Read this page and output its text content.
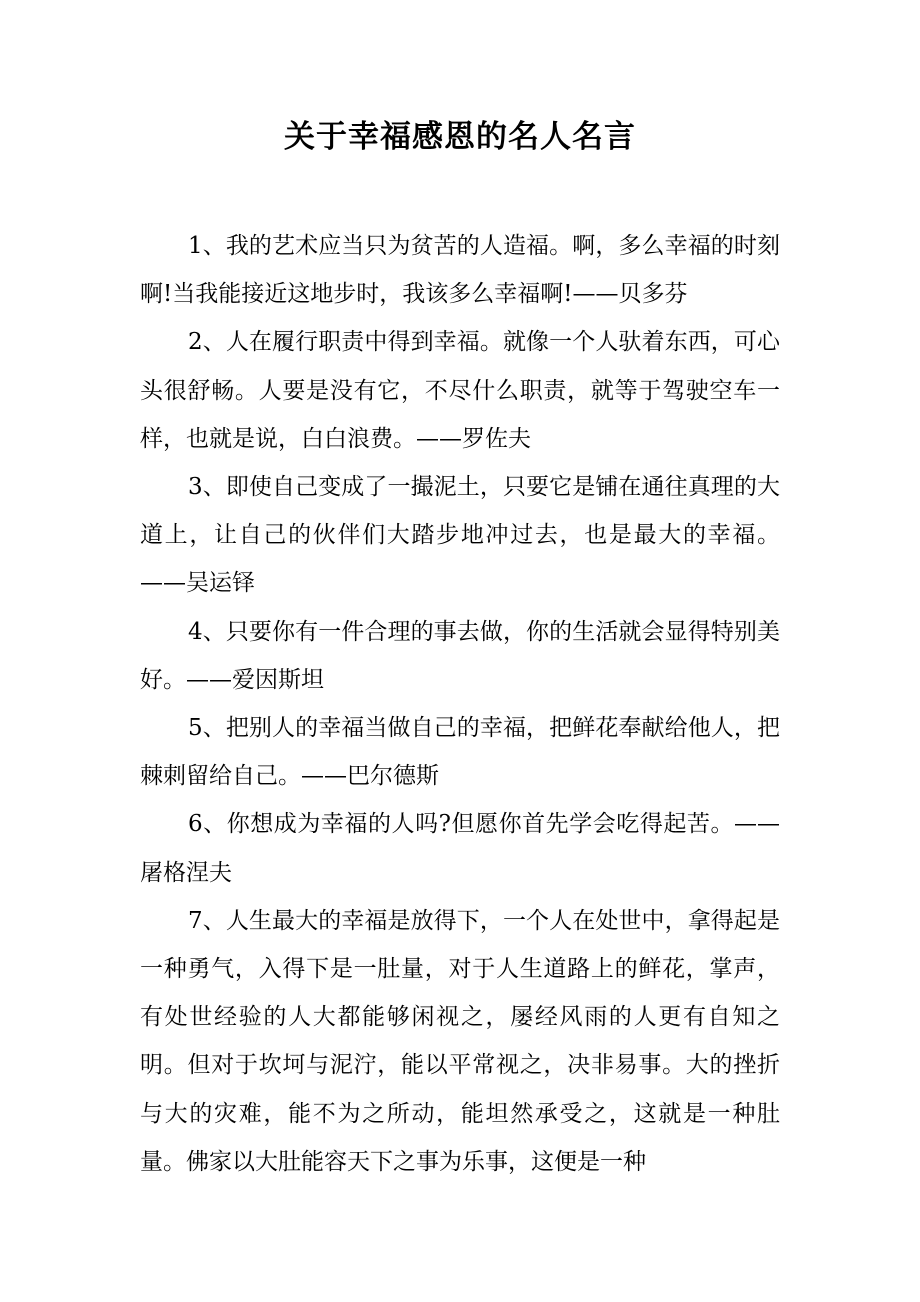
关于幸福感恩的名人名言

1、我的艺术应当只为贫苦的人造福。啊，多么幸福的时刻啊!当我能接近这地步时，我该多么幸福啊!——贝多芬

2、人在履行职责中得到幸福。就像一个人驮着东西，可心头很舒畅。人要是没有它，不尽什么职责，就等于驾驶空车一样，也就是说，白白浪费。——罗佐夫

3、即使自己变成了一撮泥土，只要它是铺在通往真理的大道上，让自己的伙伴们大踏步地冲过去，也是最大的幸福。——吴运铎

4、只要你有一件合理的事去做，你的生活就会显得特别美好。——爱因斯坦

5、把别人的幸福当做自己的幸福，把鲜花奉献给他人，把棘刺留给自己。——巴尔德斯

6、你想成为幸福的人吗?但愿你首先学会吃得起苦。——屠格涅夫

7、人生最大的幸福是放得下，一个人在处世中，拿得起是一种勇气，入得下是一肚量，对于人生道路上的鲜花，掌声，有处世经验的人大都能够闲视之，屡经风雨的人更有自知之明。但对于坎坷与泥泞，能以平常视之，决非易事。大的挫折与大的灾难，能不为之所动，能坦然承受之，这就是一种肚量。佛家以大肚能容天下之事为乐事，这便是一种
